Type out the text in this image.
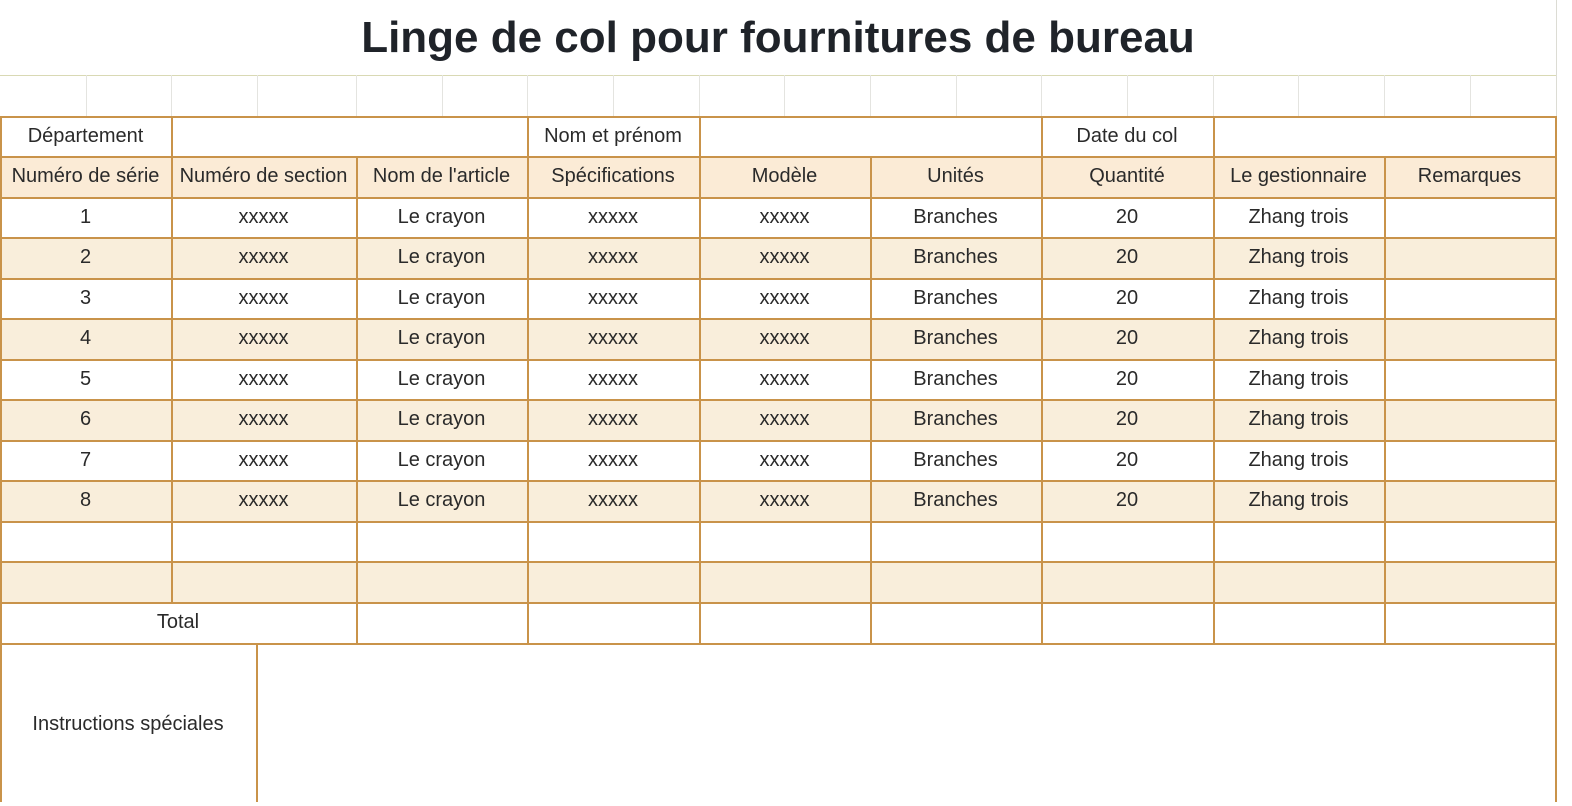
Linge de col pour fournitures de bureau
Département	Nom et prénom	Date du col
Numéro de série	Numéro de section	Nom de l'article	Spécifications	Modèle	Unités	Quantité	Le gestionnaire	Remarques
1	xxxxx	Le crayon	xxxxx	xxxxx	Branches	20	Zhang trois
2	xxxxx	Le crayon	xxxxx	xxxxx	Branches	20	Zhang trois
3	xxxxx	Le crayon	xxxxx	xxxxx	Branches	20	Zhang trois
4	xxxxx	Le crayon	xxxxx	xxxxx	Branches	20	Zhang trois
5	xxxxx	Le crayon	xxxxx	xxxxx	Branches	20	Zhang trois
6	xxxxx	Le crayon	xxxxx	xxxxx	Branches	20	Zhang trois
7	xxxxx	Le crayon	xxxxx	xxxxx	Branches	20	Zhang trois
8	xxxxx	Le crayon	xxxxx	xxxxx	Branches	20	Zhang trois
Total
Instructions spéciales
